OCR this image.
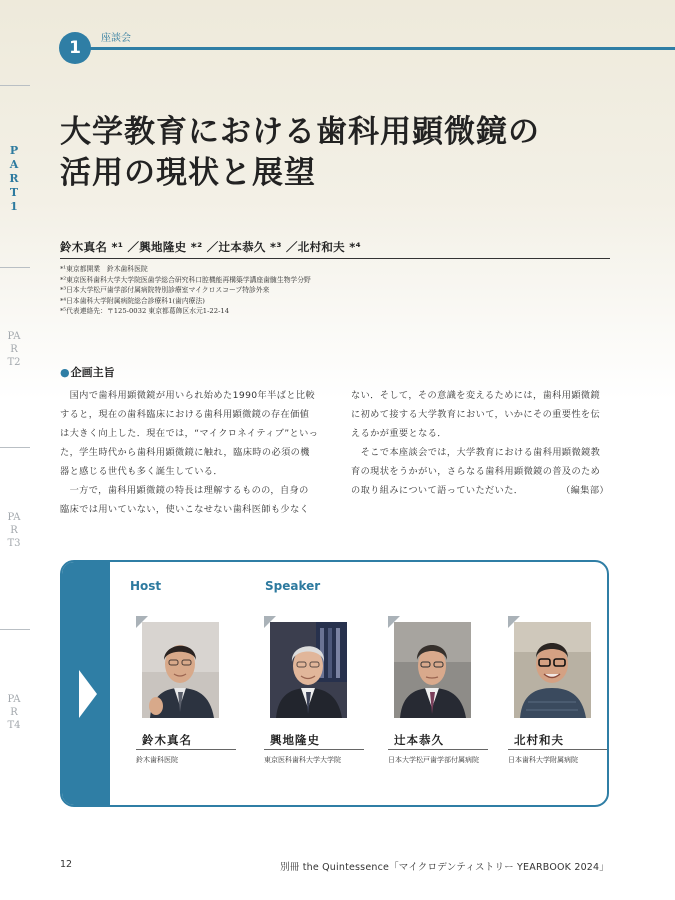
PART1
PART2
PART3
PART4
1	座談会
大学教育における歯科用顕微鏡の
活用の現状と展望
鈴木真名 *¹ ／興地隆史 *² ／辻本恭久 *³ ／北村和夫 *⁴
*¹東京都開業　鈴木歯科医院
*²東京医科歯科大学大学院医歯学総合研究科口腔機能再構築学講座歯髄生物学分野
*³日本大学松戸歯学部付属病院特別診療室マイクロスコープ特診外来
*⁴日本歯科大学附属病院総合診療科1(歯内療法)
*⁵代表連絡先：〒125-0032 東京都葛飾区水元1-22-14
●企画主旨
　国内で歯科用顕微鏡が用いられ始めた1990年半ばと比較
すると，現在の歯科臨床における歯科用顕微鏡の存在価値
は大きく向上した．現在では，“マイクロネイティブ”といっ
た，学生時代から歯科用顕微鏡に触れ，臨床時の必須の機
器と感じる世代も多く誕生している．
　一方で，歯科用顕微鏡の特長は理解するものの，自身の
臨床では用いていない，使いこなせない歯科医師も少なく
ない．そして，その意識を変えるためには，歯科用顕微鏡
に初めて接する大学教育において，いかにその重要性を伝
えるかが重要となる．
　そこで本座談会では，大学教育における歯科用顕微鏡教
育の現状をうかがい，さらなる歯科用顕微鏡の普及のため
の取り組みについて語っていただいた．	（編集部）
Host	Speaker
鈴木真名
鈴木歯科医院
興地隆史
東京医科歯科大学大学院
辻本恭久
日本大学松戸歯学部付属病院
北村和夫
日本歯科大学附属病院
12	別冊 the Quintessence「マイクロデンティストリー YEARBOOK 2024」
